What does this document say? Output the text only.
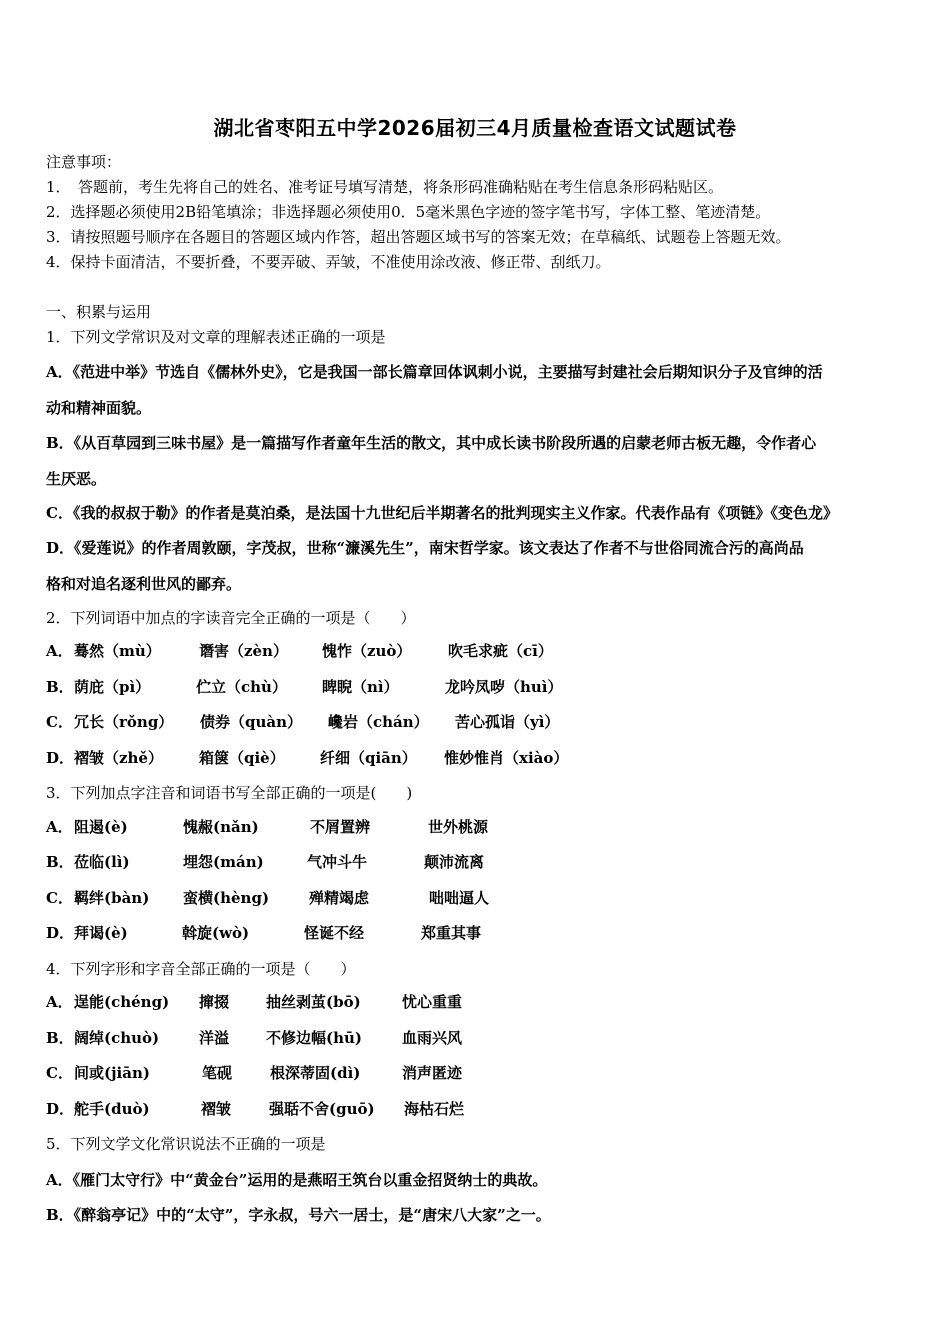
湖北省枣阳五中学2026届初三4月质量检查语文试题试卷
注意事项：
1．　答题前，考生先将自己的姓名、准考证号填写清楚，将条形码准确粘贴在考生信息条形码粘贴区。
2．选择题必须使用2B铅笔填涂；非选择题必须使用0．5毫米黑色字迹的签字笔书写，字体工整、笔迹清楚。
3．请按照题号顺序在各题目的答题区域内作答，超出答题区域书写的答案无效；在草稿纸、试题卷上答题无效。
4．保持卡面清洁，不要折叠，不要弄破、弄皱，不准使用涂改液、修正带、刮纸刀。
一、积累与运用
1．下列文学常识及对文章的理解表述正确的一项是
A．《范进中举》节选自《儒林外史》，它是我国一部长篇章回体讽刺小说，主要描写封建社会后期知识分子及官绅的活
动和精神面貌。
B．《从百草园到三味书屋》是一篇描写作者童年生活的散文，其中成长读书阶段所遇的启蒙老师古板无趣，令作者心
生厌恶。
C．《我的叔叔于勒》的作者是莫泊桑，是法国十九世纪后半期著名的批判现实主义作家。代表作品有《项链》《变色龙》
D．《爱莲说》的作者周敦颐，字茂叔，世称“濂溪先生”，南宋哲学家。该文表达了作者不与世俗同流合污的高尚品
格和对追名逐利世风的鄙弃。
2．下列词语中加点的字读音完全正确的一项是（　　）
A． 蓦然（mù）	谮害（zèn）	愧怍（zuò）	吹毛求疵（cī）
B． 荫庇（pì）	伫立（chù）	睥睨（nì）	龙吟凤哕（huì）
C． 冗长（rǒng）	债券（quàn）	巉岩（chán）	苦心孤诣（yì）
D． 褶皱（zhě）	箱箧（qiè）	纤细（qiān）	惟妙惟肖（xiào）
3．下列加点字注音和词语书写全部正确的一项是(　　)
A． 阻遏(è)	愧赧(nǎn)	不屑置辨	世外桃源
B． 莅临(lì)	埋怨(mán)	气冲斗牛	颠沛流离
C． 羁绊(bàn)	蛮横(hèng)	殚精竭虑	咄咄逼人
D． 拜谒(è)	斡旋(wò)	怪诞不经	郑重其事
4．下列字形和字音全部正确的一项是（　　）
A． 逞能(chéng)	撺掇	抽丝剥茧(bō)	忧心重重
B． 阔绰(chuò)	洋溢	不修边幅(hū)	血雨兴风
C． 间或(jiān)	笔砚	根深蒂固(dì)	消声匿迹
D． 舵手(duò)	褶皱	强聒不舍(guō)	海枯石烂
5．下列文学文化常识说法不正确的一项是
A．《雁门太守行》中“黄金台”运用的是燕昭王筑台以重金招贤纳士的典故。
B．《醉翁亭记》中的“太守”，字永叔，号六一居士，是“唐宋八大家”之一。
